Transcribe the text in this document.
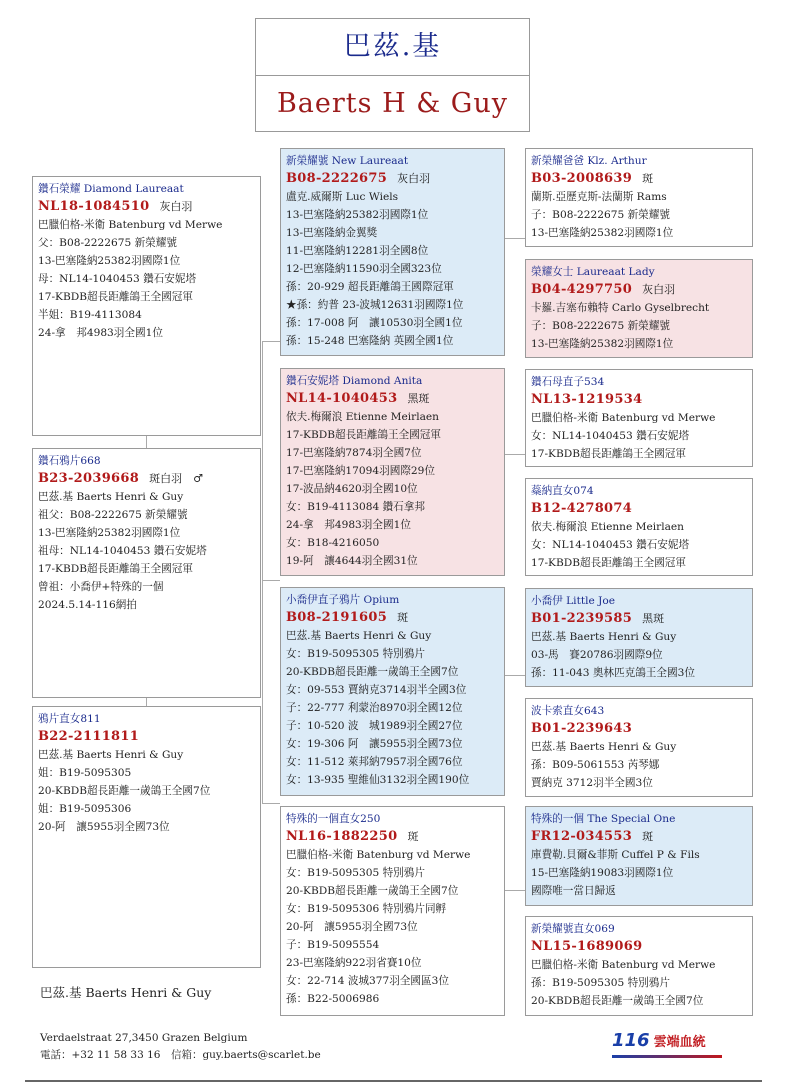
巴茲.基
Baerts H & Guy
鑽石榮耀 Diamond Laureaat
NL18-1084510 灰白羽
巴臘伯格-米衛 Batenburg vd Merwe
父：B08-2222675 新榮耀號
13-巴塞隆納25382羽國際1位
母：NL14-1040453 鑽石安妮塔
17-KBDB超長距離鴿王全國冠軍
半姐：B19-4113084
24-拿　邦4983羽全國1位
鑽石鴉片668
B23-2039668 斑白羽　♂
巴茲.基 Baerts Henri & Guy
祖父：B08-2222675 新榮耀號
13-巴塞隆納25382羽國際1位
祖母：NL14-1040453 鑽石安妮塔
17-KBDB超長距離鴿王全國冠軍
曾祖：小喬伊+特殊的一個
2024.5.14-116網拍
鴉片直女811
B22-2111811
巴茲.基 Baerts Henri & Guy
姐：B19-5095305
20-KBDB超長距離一歲鴿王全國7位
姐：B19-5095306
20-阿　讓5955羽全國73位
新榮耀號 New Laureaat
B08-2222675 灰白羽
盧克.威爾斯 Luc Wiels
13-巴塞隆納25382羽國際1位
13-巴塞隆納金翼獎
11-巴塞隆納12281羽全國8位
12-巴塞隆納11590羽全國323位
孫：20-929 超長距離鴿王國際冠軍
★孫：約普 23-波城12631羽國際1位
孫：17-008 阿　讓10530羽全國1位
孫：15-248 巴塞隆納 英國全國1位
鑽石安妮塔 Diamond Anita
NL14-1040453 黑斑
依夫.梅爾浪 Etienne Meirlaen
17-KBDB超長距離鴿王全國冠軍
17-巴塞隆納7874羽全國7位
17-巴塞隆納17094羽國際29位
17-波品納4620羽全國10位
女：B19-4113084 鑽石拿邦
24-拿　邦4983羽全國1位
女：B18-4216050
19-阿　讓4644羽全國31位
小喬伊直子鴉片 Opium
B08-2191605 斑
巴茲.基 Baerts Henri & Guy
女：B19-5095305 特別鴉片
20-KBDB超長距離一歲鴿王全國7位
女：09-553 賈納克3714羽半全國3位
子：22-777 利蒙治8970羽全國12位
子：10-520 波　城1989羽全國27位
女：19-306 阿　讓5955羽全國73位
女：11-512 萊邦納7957羽全國76位
女：13-935 聖維仙3132羽全國190位
特殊的一個直女250
NL16-1882250 斑
巴臘伯格-米衛 Batenburg vd Merwe
女：B19-5095305 特別鴉片
20-KBDB超長距離一歲鴿王全國7位
女：B19-5095306 特別鴉片同孵
20-阿　讓5955羽全國73位
子：B19-5095554
23-巴塞隆納922羽省賽10位
女：22-714 波城377羽全國區3位
孫：B22-5006986
新榮耀爸爸 Klz. Arthur
B03-2008639 斑
蘭斯.亞歷克斯-法蘭斯 Rams
子：B08-2222675 新榮耀號
13-巴塞隆納25382羽國際1位
榮耀女士 Laureaat Lady
B04-4297750 灰白羽
卡羅.吉塞布賴特 Carlo Gyselbrecht
子：B08-2222675 新榮耀號
13-巴塞隆納25382羽國際1位
鑽石母直子534
NL13-1219534
巴臘伯格-米衛 Batenburg vd Merwe
女：NL14-1040453 鑽石安妮塔
17-KBDB超長距離鴿王全國冠軍
蘂納直女074
B12-4278074
依夫.梅爾浪 Etienne Meirlaen
女：NL14-1040453 鑽石安妮塔
17-KBDB超長距離鴿王全國冠軍
小喬伊 Little Joe
B01-2239585 黑斑
巴茲.基 Baerts Henri & Guy
03-馬　賽20786羽國際9位
孫：11-043 奧林匹克鴿王全國3位
波卡索直女643
B01-2239643
巴茲.基 Baerts Henri & Guy
孫：B09-5061553 芮琴娜
賈納克 3712羽半全國3位
特殊的一個 The Special One
FR12-034553 斑
庫費勒.貝爾&菲斯 Cuffel P & Fils
15-巴塞隆納19083羽國際1位
國際唯一當日歸返
新榮耀號直女069
NL15-1689069
巴臘伯格-米衛 Batenburg vd Merwe
孫：B19-5095305 特別鴉片
20-KBDB超長距離一歲鴿王全國7位
巴茲.基 Baerts Henri & Guy
Verdaelstraat 27,3450 Grazen Belgium
電話：+32 11 58 33 16　信箱：guy.baerts@scarlet.be
116 雲端血統
